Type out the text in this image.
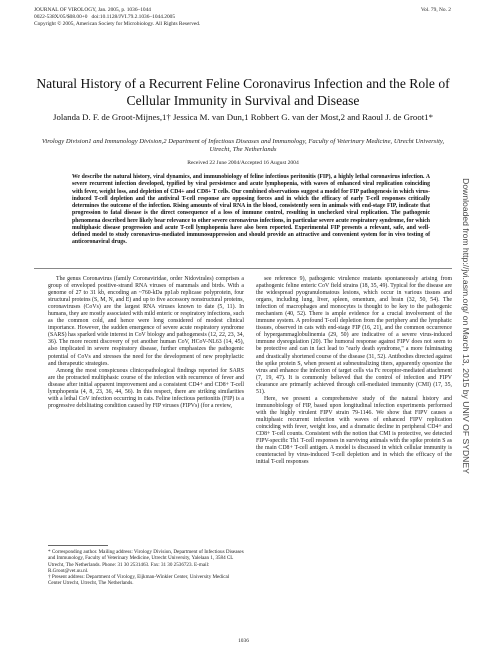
JOURNAL OF VIROLOGY, Jan. 2005, p. 1036–1044
0022-538X/05/$08.00+0   doi:10.1128/JVI.79.2.1036–1044.2005
Copyright © 2005, American Society for Microbiology. All Rights Reserved.
Vol. 79, No. 2
Natural History of a Recurrent Feline Coronavirus Infection and the Role of Cellular Immunity in Survival and Disease
Jolanda D. F. de Groot-Mijnes,1† Jessica M. van Dun,1 Robbert G. van der Most,2 and Raoul J. de Groot1*
Virology Division1 and Immunology Division,2 Department of Infectious Diseases and Immunology, Faculty of Veterinary Medicine, Utrecht University, Utrecht, The Netherlands
Received 22 June 2004/Accepted 16 August 2004
We describe the natural history, viral dynamics, and immunobiology of feline infectious peritonitis (FIP), a highly lethal coronavirus infection. A severe recurrent infection developed, typified by viral persistence and acute lymphopenia, with waves of enhanced viral replication coinciding with fever, weight loss, and depletion of CD4+ and CD8+ T cells. Our combined observations suggest a model for FIP pathogenesis in which virus-induced T-cell depletion and the antiviral T-cell response are opposing forces and in which the efficacy of early T-cell responses critically determines the outcome of the infection. Rising amounts of viral RNA in the blood, consistently seen in animals with end-stage FIP, indicate that progression to fatal disease is the direct consequence of a loss of immune control, resulting in unchecked viral replication. The pathogenic phenomena described here likely bear relevance to other severe coronavirus infections, in particular severe acute respiratory syndrome, for which multiphasic disease progression and acute T-cell lymphopenia have also been reported. Experimental FIP presents a relevant, safe, and well-defined model to study coronavirus-mediated immunosuppression and should provide an attractive and convenient system for in vivo testing of anticoronaviral drugs.

The genus Coronavirus (family Coronaviridae, order Nidovirales) comprises a group of enveloped positive-strand RNA viruses of mammals and birds. With a genome of 27 to 31 kb, encoding an ~760-kDa pp1ab replicase polyprotein, four structural proteins (S, M, N, and E) and up to five accessory nonstructural proteins, coronaviruses (CoVs) are the largest RNA viruses known to date (5, 11). In humans, they are mostly associated with mild enteric or respiratory infections, such as the common cold, and hence were long considered of modest clinical importance. However, the sudden emergence of severe acute respiratory syndrome (SARS) has sparked wide interest in CoV biology and pathogenesis (12, 22, 23, 34, 36). The more recent discovery of yet another human CoV, HCoV-NL63 (14, 45), also implicated in severe respiratory disease, further emphasizes the pathogenic potential of CoVs and stresses the need for the development of new prophylactic and therapeutic strategies.

Among the most conspicuous clinicopathological findings reported for SARS are the protracted multiphasic course of the infection with recurrence of fever and disease after initial apparent improvement and a consistent CD4+ and CD8+ T-cell lymphopenia (4, 8, 23, 36, 44, 56). In this respect, there are striking similarities with a lethal CoV infection occurring in cats. Feline infectious peritonitis (FIP) is a progressive debilitating condition caused by FIP viruses (FIPVs) (for a review,

see reference 9), pathogenic virulence mutants spontaneously arising from apathogenic feline enteric CoV field strains (18, 35, 49). Typical for the disease are the widespread pyogranulomatous lesions, which occur in various tissues and organs, including lung, liver, spleen, omentum, and brain (32, 50, 54). The infection of macrophages and monocytes is thought to be key to the pathogenic mechanism (40, 52). There is ample evidence for a crucial involvement of the immune system. A profound T-cell depletion from the periphery and the lymphatic tissues, observed in cats with end-stage FIP (16, 21), and the common occurrence of hypergammaglobulinemia (29, 50) are indicative of a severe virus-induced immune dysregulation (20). The humoral response against FIPV does not seem to be protective and can in fact lead to "early death syndrome," a more fulminating and drastically shortened course of the disease (31, 52). Antibodies directed against the spike protein S, when present at subneutralizing titers, apparently opsonize the virus and enhance the infection of target cells via Fc receptor-mediated attachment (7, 19, 47). It is commonly believed that the control of infection and FIPV clearance are primarily achieved through cell-mediated immunity (CMI) (17, 35, 51).

Here, we present a comprehensive study of the natural history and immunobiology of FIP, based upon longitudinal infection experiments performed with the highly virulent FIPV strain 79-1146. We show that FIPV causes a multiphasic recurrent infection with waves of enhanced FIPV replication coinciding with fever, weight loss, and a dramatic decline in peripheral CD4+ and CD8+ T-cell counts. Consistent with the notion that CMI is protective, we detected FIPV-specific Th1 T-cell responses in surviving animals with the spike protein S as the main CD8+ T-cell antigen. A model is discussed in which cellular immunity is counteracted by virus-induced T-cell depletion and in which the efficacy of the initial T-cell responses

* Corresponding author. Mailing address: Virology Division, Department of Infectious Diseases and Immunology, Faculty of Veterinary Medicine, Utrecht University, Yalelaan 1, 3584 CL Utrecht, The Netherlands. Phone: 31 30 2531463. Fax: 31 30 2536723. E-mail: R.Groot@vet.uu.nl.

† Present address: Department of Virology, Eijkman-Winkler Center, University Medical Center Utrecht, Utrecht, The Netherlands.

1036
Downloaded from http://jvi.asm.org/ on March 13, 2015 by UNIV OF SYDNEY
